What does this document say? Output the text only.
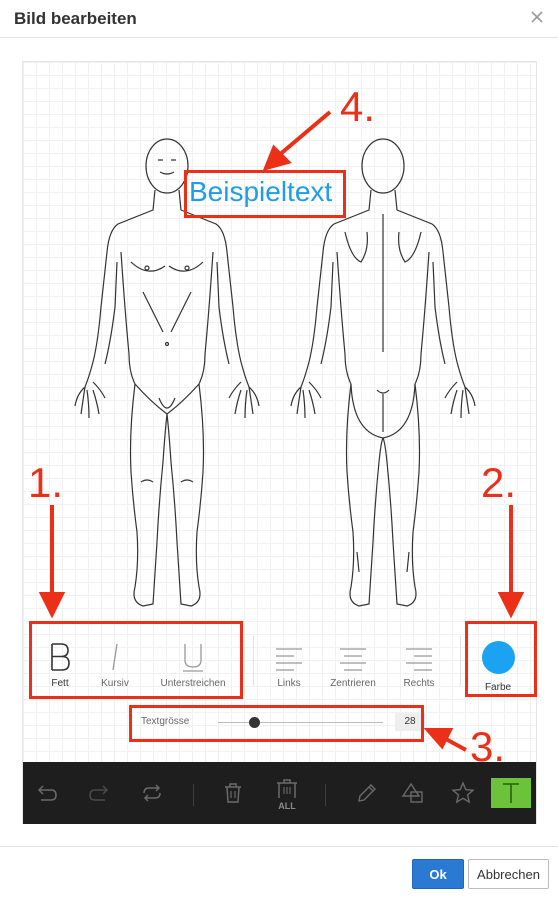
Bild bearbeiten
Beispieltext
Fett	Kursiv	Unterstreichen	Links	Zentrieren	Rechts	Farbe
Textgrösse	28
ALL
4.
1.	2.
3.
Ok	Abbrechen
